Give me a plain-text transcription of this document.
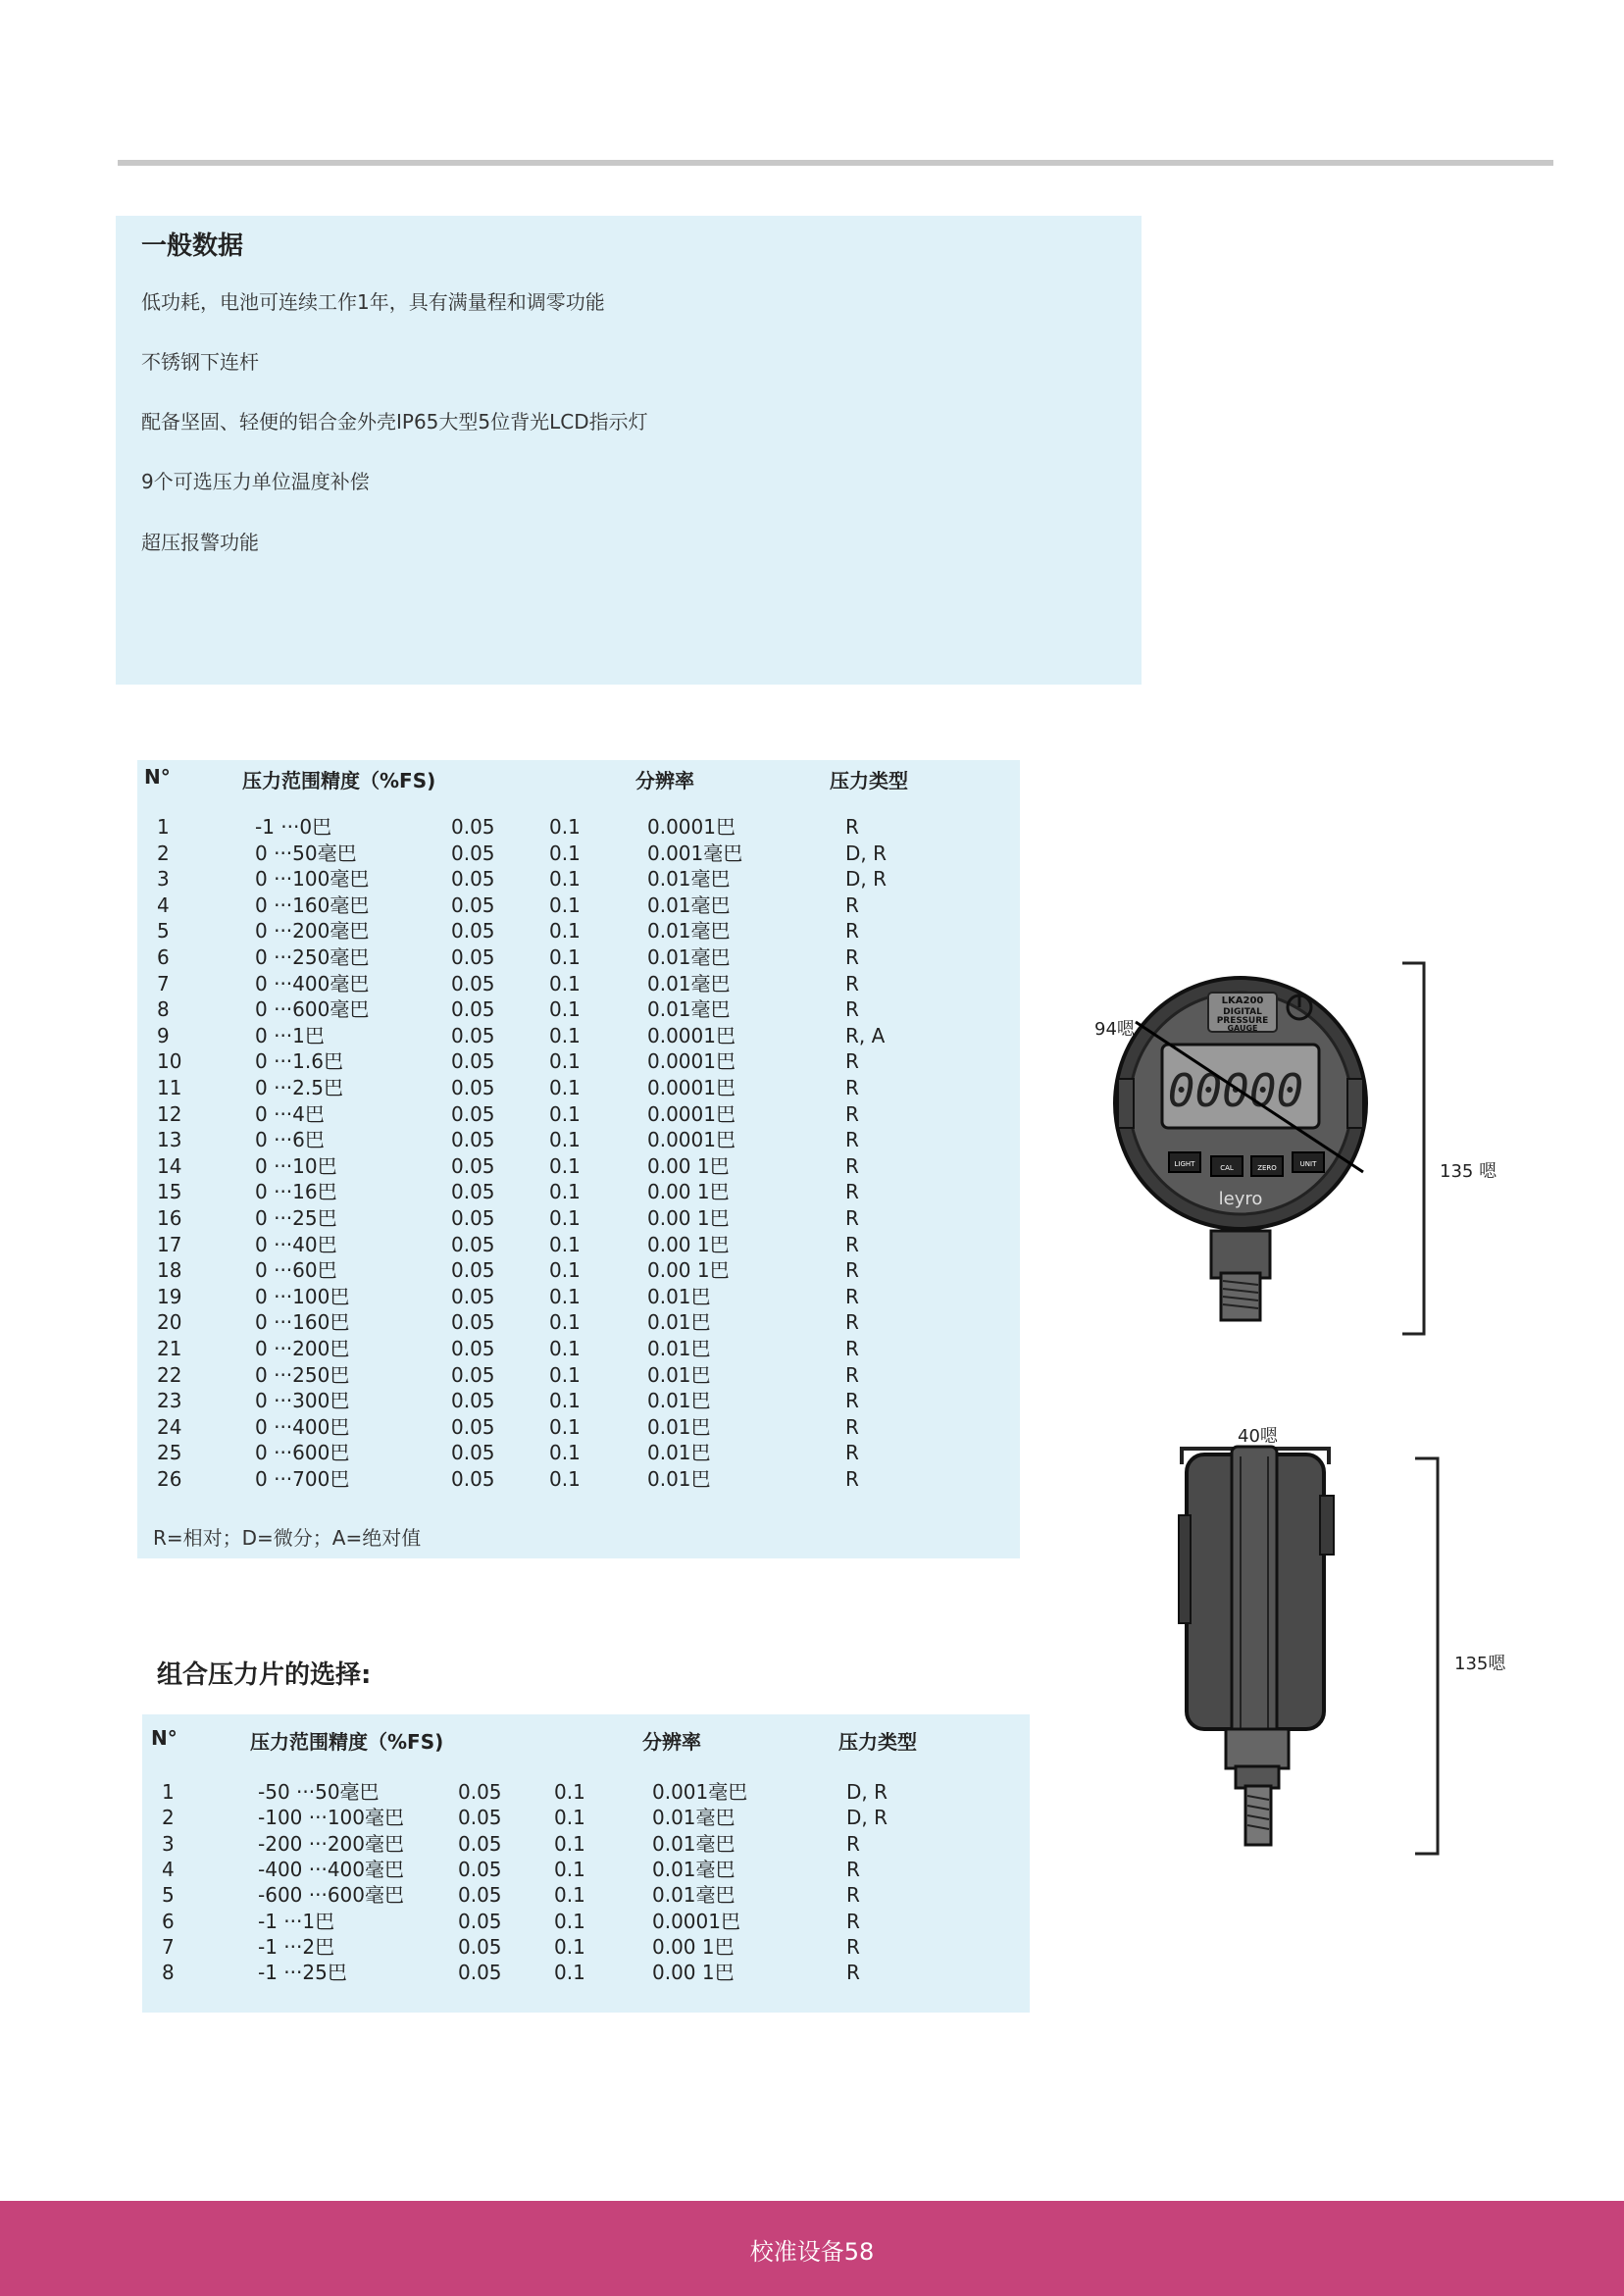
一般数据
低功耗，电池可连续工作1年，具有满量程和调零功能
不锈钢下连杆
配备坚固、轻便的铝合金外壳IP65大型5位背光LCD指示灯
9个可选压力单位温度补偿
超压报警功能
N°	压力范围精度（%FS)	分辨率	压力类型
R=相对；D=微分；A=绝对值
1	-1 ···0巴	0.05	0.1	0.0001巴	R
2	0 ···50毫巴	0.05	0.1	0.001毫巴	D, R
3	0 ···100毫巴	0.05	0.1	0.01毫巴	D, R
4	0 ···160毫巴	0.05	0.1	0.01毫巴	R
5	0 ···200毫巴	0.05	0.1	0.01毫巴	R
6	0 ···250毫巴	0.05	0.1	0.01毫巴	R
7	0 ···400毫巴	0.05	0.1	0.01毫巴	R
8	0 ···600毫巴	0.05	0.1	0.01毫巴	R
9	0 ···1巴	0.05	0.1	0.0001巴	R, A
10	0 ···1.6巴	0.05	0.1	0.0001巴	R
11	0 ···2.5巴	0.05	0.1	0.0001巴	R
12	0 ···4巴	0.05	0.1	0.0001巴	R
13	0 ···6巴	0.05	0.1	0.0001巴	R
14	0 ···10巴	0.05	0.1	0.00 1巴	R
15	0 ···16巴	0.05	0.1	0.00 1巴	R
16	0 ···25巴	0.05	0.1	0.00 1巴	R
17	0 ···40巴	0.05	0.1	0.00 1巴	R
18	0 ···60巴	0.05	0.1	0.00 1巴	R
19	0 ···100巴	0.05	0.1	0.01巴	R
20	0 ···160巴	0.05	0.1	0.01巴	R
21	0 ···200巴	0.05	0.1	0.01巴	R
22	0 ···250巴	0.05	0.1	0.01巴	R
23	0 ···300巴	0.05	0.1	0.01巴	R
24	0 ···400巴	0.05	0.1	0.01巴	R
25	0 ···600巴	0.05	0.1	0.01巴	R
26	0 ···700巴	0.05	0.1	0.01巴	R
组合压力片的选择:
N°	压力范围精度（%FS)	分辨率	压力类型
1	-50 ···50毫巴	0.05	0.1	0.001毫巴	D, R
2	-100 ···100毫巴	0.05	0.1	0.01毫巴	D, R
3	-200 ···200毫巴	0.05	0.1	0.01毫巴	R
4	-400 ···400毫巴	0.05	0.1	0.01毫巴	R
5	-600 ···600毫巴	0.05	0.1	0.01毫巴	R
6	-1 ···1巴	0.05	0.1	0.0001巴	R
7	-1 ···2巴	0.05	0.1	0.00 1巴	R
8	-1 ···25巴	0.05	0.1	0.00 1巴	R
LKA200
DIGITAL
PRESSURE
GAUGE
00000
LIGHT	CAL	ZERO	UNIT
leyro
94嗯
135 嗯
40嗯
135嗯
校准设备58
